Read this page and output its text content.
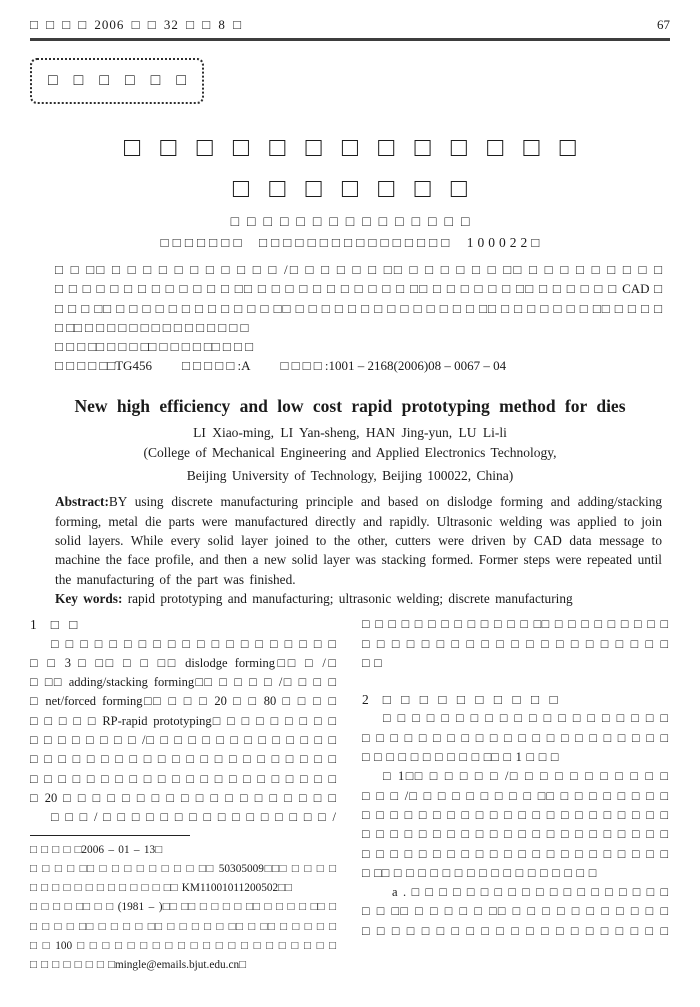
□ □ □ □ 2006 □ □ 32 □ □ 8 □	67
□ □ □ □ □ □
□□□□□□□□□□□□□
□□□□□□□
□□□□□□□□□□□□□□□
□□□□□□□ □□□□□□□□□□□□□□□□ 100022□
□ □ □□ □ □ □ □ □ □ □ □ □ □ □ /□ □ □ □ □ □ □□ □ □ □ □ □ □ □□ □ □ □ □ □ □ □ □ □
□ □ □ □ □ □ □ □ □ □ □ □ □ □□ □ □ □ □ □ □ □ □ □ □ □ □□ □ □ □ □ □ □ □□ □ □ □ □ □ □ CAD □
□ □ □ □□ □ □ □ □ □ □ □ □ □ □ □ □ □□ □ □ □ □ □ □ □ □ □ □ □ □ □ □ □□ □ □ □ □ □ □ □ □□ □ □ □ □
□ □□ □ □ □ □ □ □ □ □ □ □ □ □ □ □ □
□ □ □ □□ □ □ □ □□ □ □ □ □ □□ □ □ □
□ □ □ □ □□TG456 □ □ □ □ □ :A □ □ □ □ :1001 – 2168(2006)08 – 0067 – 04
New high efficiency and low cost rapid prototyping method for dies
LI Xiao-ming, LI Yan-sheng, HAN Jing-yun, LU Li-li
(College of Mechanical Engineering and Applied Electronics Technology,
Beijing University of Technology, Beijing 100022, China)

Abstract:BY using discrete manufacturing principle and based on dislodge forming and adding/stacking forming, metal die parts were manufactured directly and rapidly. Ultrasonic welding was applied to join solid layers. While every solid layer joined to the other, cutters were driven by CAD data message to machine the face profile, and then a new solid layer was stacking formed. Former steps were repeated until the manufacturing of the part was finished.

Key words: rapid prototyping and manufacturing; ultrasonic welding; discrete manufacturing

1 □ □
□ □ □ □ □ □ □ □ □ □ □ □ □ □ □ □ □ □ □ □
□ □ 3 □ □□ □ □ □□ dislodge forming□□ □ /□
□ □□ adding/stacking forming□□ □ □ □ □ /□ □ □ □
□ net/forced forming□□ □ □ □ 20 □ □ 80 □ □ □ □
□ □ □ □ □ RP-rapid prototyping□ □ □ □ □ □ □ □ □
□ □ □ □ □ □ □ □ /□ □ □ □ □ □ □ □ □ □ □ □ □ □
□ □ □ □ □ □ □ □ □ □ □ □ □ □ □ □ □ □ □ □ □ □
□ □ □ □ □ □ □ □ □ □ □ □ □ □ □ □ □ □ □ □ □ □
□ 20 □ □ □ □ □ □ □ □ □ □ □ □ □ □ □ □ □ □ □
□ □ □ / □ □ □ □ □ □ □ □ □ □ □ □ □ □ □ □ /
□ □ □ □ □2006 – 01 – 13□
□ □ □ □ □□ □ □ □ □ □ □ □ □ □□ 50305009□□□ □ □ □ □
□ □ □ □ □ □ □ □ □ □ □ □ □□ KM11001011200502□□
□ □ □ □ □□ □ □ (1981 – )□□ □□ □ □ □ □ □□ □ □ □ □ □□ □
□ □ □ □ □□ □ □ □ □ □□ □ □ □ □ □ □□ □ □□ □ □ □ □ □
□ □ 100 □ □ □ □ □ □ □ □ □ □ □ □ □ □ □ □ □ □ □ □ □
□ □ □ □ □ □ □ □mingle@emails.bjut.edu.cn□
□ □ □ □ □ □ □ □ □ □ □ □ □ □□ □ □ □ □ □ □ □ □ □
□ □ □ □ □ □ □ □ □ □ □ □ □ □ □ □ □ □ □ □ □
□ □
2 □ □ □ □ □ □ □ □ □ □
□ □ □ □ □ □ □ □ □ □ □ □ □ □ □ □ □ □ □ □
□ □ □ □ □ □ □ □ □ □ □ □ □ □ □ □ □ □ □ □ □ □
□ □ □ □ □ □ □ □ □ □ □□ □ 1 □ □ □
□ 1□□ □ □ □ □ □ /□ □ □ □ □ □ □ □ □ □ □
□ □ □ /□ □ □ □ □ □ □ □ □ □□ □ □ □ □ □ □ □ □
□ □ □ □ □ □ □ □ □ □ □ □ □ □ □ □ □ □ □ □ □ □
□ □ □ □ □ □ □ □ □ □ □ □ □ □ □ □ □ □ □ □ □ □
□ □ □ □ □ □ □ □ □ □ □ □ □ □ □ □ □ □ □ □ □ □
□ □□ □ □ □ □ □ □ □ □ □ □ □ □ □ □ □ □ □
a . □ □ □ □ □ □ □ □ □ □ □ □ □ □ □ □ □ □ □
□ □ □□ □ □ □ □ □ □□ □ □ □ □ □ □ □ □ □ □ □
□ □ □ □ □ □ □ □ □ □ □ □ □ □ □ □ □ □ □ □ □
